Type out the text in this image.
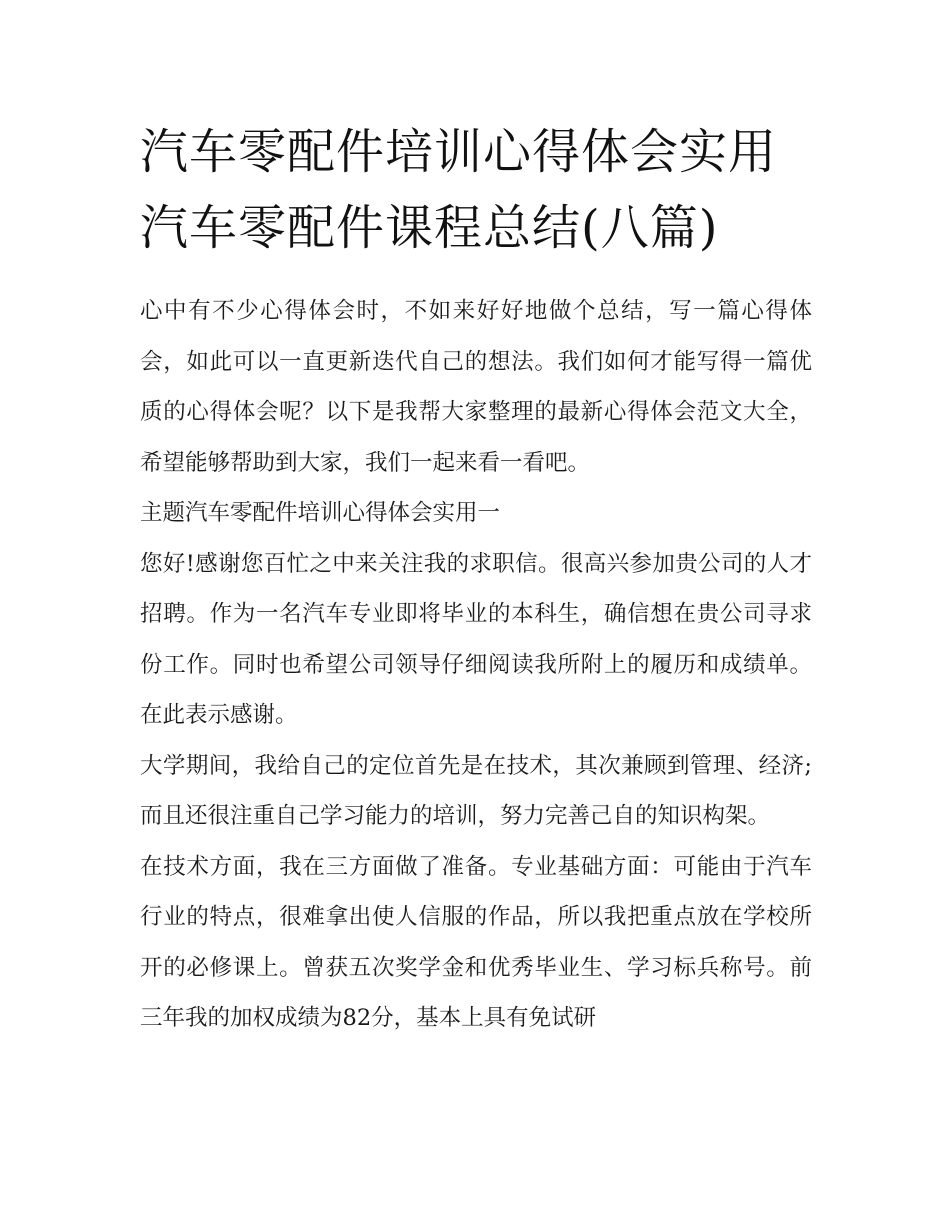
汽车零配件培训心得体会实用
汽车零配件课程总结(八篇)

心中有不少心得体会时，不如来好好地做个总结，写一篇心得体会，如此可以一直更新迭代自己的想法。我们如何才能写得一篇优质的心得体会呢？以下是我帮大家整理的最新心得体会范文大全，希望能够帮助到大家，我们一起来看一看吧。

主题汽车零配件培训心得体会实用一

您好!感谢您百忙之中来关注我的求职信。很高兴参加贵公司的人才招聘。作为一名汽车专业即将毕业的本科生，确信想在贵公司寻求份工作。同时也希望公司领导仔细阅读我所附上的履历和成绩单。在此表示感谢。

大学期间，我给自己的定位首先是在技术，其次兼顾到管理、经济;而且还很注重自己学习能力的培训，努力完善己自的知识构架。

在技术方面，我在三方面做了准备。专业基础方面：可能由于汽车行业的特点，很难拿出使人信服的作品，所以我把重点放在学校所开的必修课上。曾获五次奖学金和优秀毕业生、学习标兵称号。前三年我的加权成绩为82分，基本上具有免试研
